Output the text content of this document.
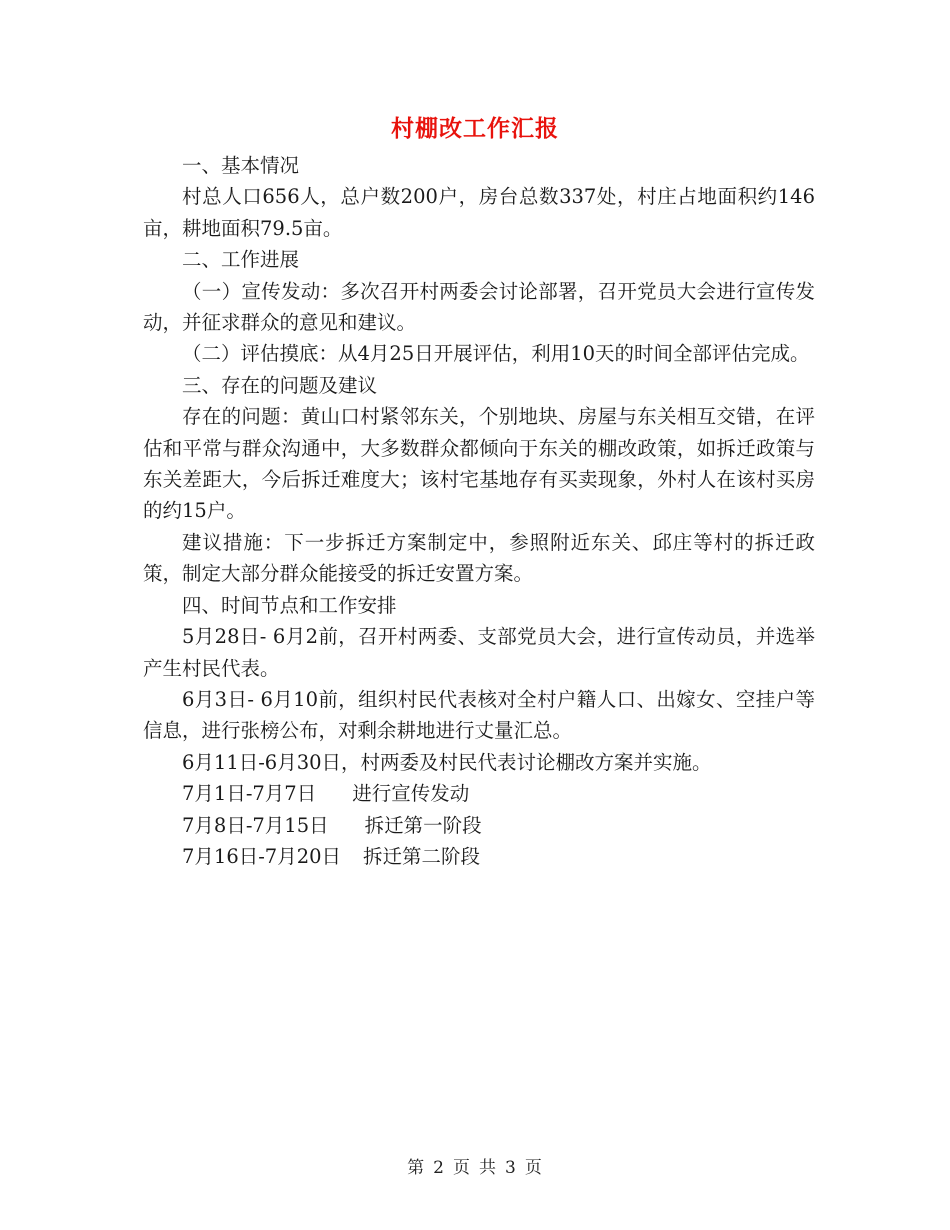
村棚改工作汇报

一、基本情况

村总人口656人，总户数200户，房台总数337处，村庄占地面积约146亩，耕地面积79.5亩。

二、工作进展

（一）宣传发动：多次召开村两委会讨论部署，召开党员大会进行宣传发动，并征求群众的意见和建议。

（二）评估摸底：从4月25日开展评估，利用10天的时间全部评估完成。

三、存在的问题及建议

存在的问题：黄山口村紧邻东关，个别地块、房屋与东关相互交错，在评估和平常与群众沟通中，大多数群众都倾向于东关的棚改政策，如拆迁政策与东关差距大，今后拆迁难度大；该村宅基地存有买卖现象，外村人在该村买房的约15户。

建议措施：下一步拆迁方案制定中，参照附近东关、邱庄等村的拆迁政策，制定大部分群众能接受的拆迁安置方案。

四、时间节点和工作安排

5月28日- 6月2前，召开村两委、支部党员大会，进行宣传动员，并选举产生村民代表。

6月3日- 6月10前，组织村民代表核对全村户籍人口、出嫁女、空挂户等信息，进行张榜公布，对剩余耕地进行丈量汇总。

6月11日-6月30日，村两委及村民代表讨论棚改方案并实施。

7月1日-7月7日 进行宣传发动

7月8日-7月15日 拆迁第一阶段

7月16日-7月20日 拆迁第二阶段

第 2 页 共 3 页
